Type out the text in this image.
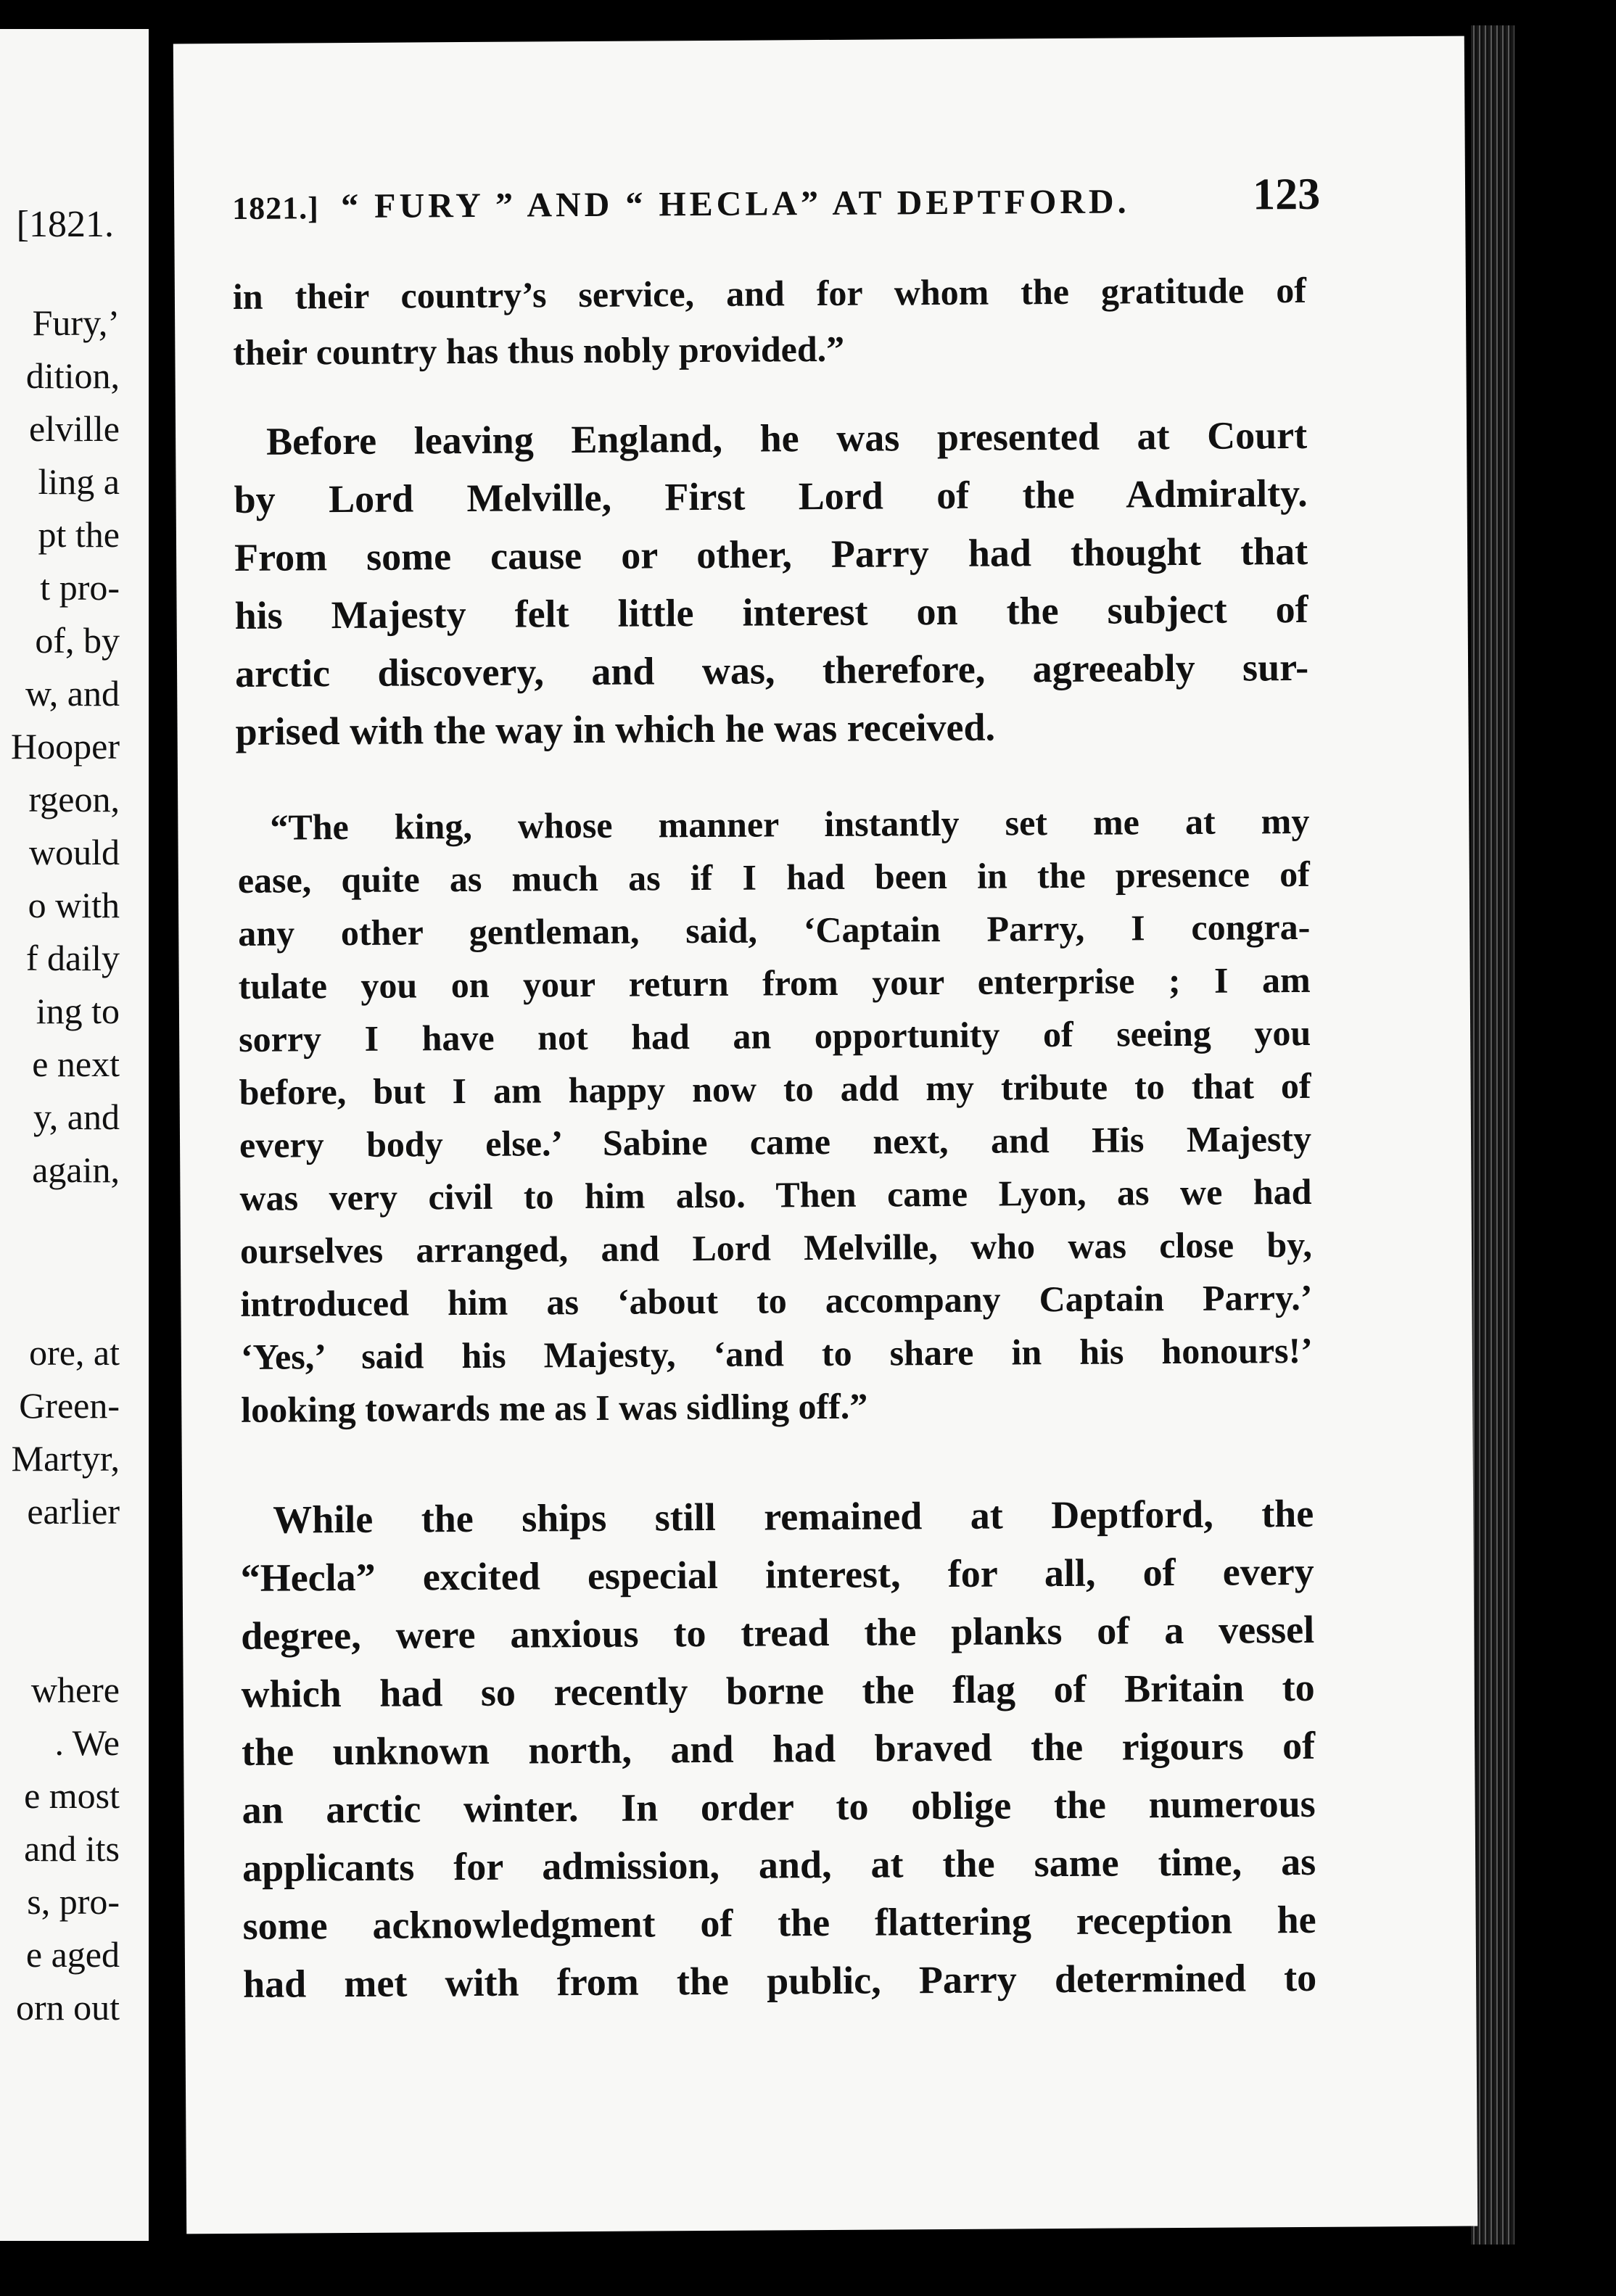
[1821.
Fury,’
dition,
elville
ling a
pt the
t pro-
of, by
w, and
Hooper
rgeon,
would
o with
f daily
ing to
e next
y, and
again,
ore, at
Green-
Martyr,
earlier
where
. We
e most
and its
s, pro-
e aged
orn out
1821.] “ FURY ” AND “ HECLA” AT DEPTFORD.	123
in their country’s service, and for whom the gratitude of
their country has thus nobly provided.”
Before leaving England, he was presented at Court
by Lord Melville, First Lord of the Admiralty.
From some cause or other, Parry had thought that
his Majesty felt little interest on the subject of
arctic discovery, and was, therefore, agreeably sur-
prised with the way in which he was received.
“The king, whose manner instantly set me at my
ease, quite as much as if I had been in the presence of
any other gentleman, said, ‘Captain Parry, I congra-
tulate you on your return from your enterprise ; I am
sorry I have not had an opportunity of seeing you
before, but I am happy now to add my tribute to that of
every body else.’ Sabine came next, and His Majesty
was very civil to him also. Then came Lyon, as we had
ourselves arranged, and Lord Melville, who was close by,
introduced him as ‘about to accompany Captain Parry.’
‘Yes,’ said his Majesty, ‘and to share in his honours!’
looking towards me as I was sidling off.”
While the ships still remained at Deptford, the
“Hecla” excited especial interest, for all, of every
degree, were anxious to tread the planks of a vessel
which had so recently borne the flag of Britain to
the unknown north, and had braved the rigours of
an arctic winter. In order to oblige the numerous
applicants for admission, and, at the same time, as
some acknowledgment of the flattering reception he
had met with from the public, Parry determined to
